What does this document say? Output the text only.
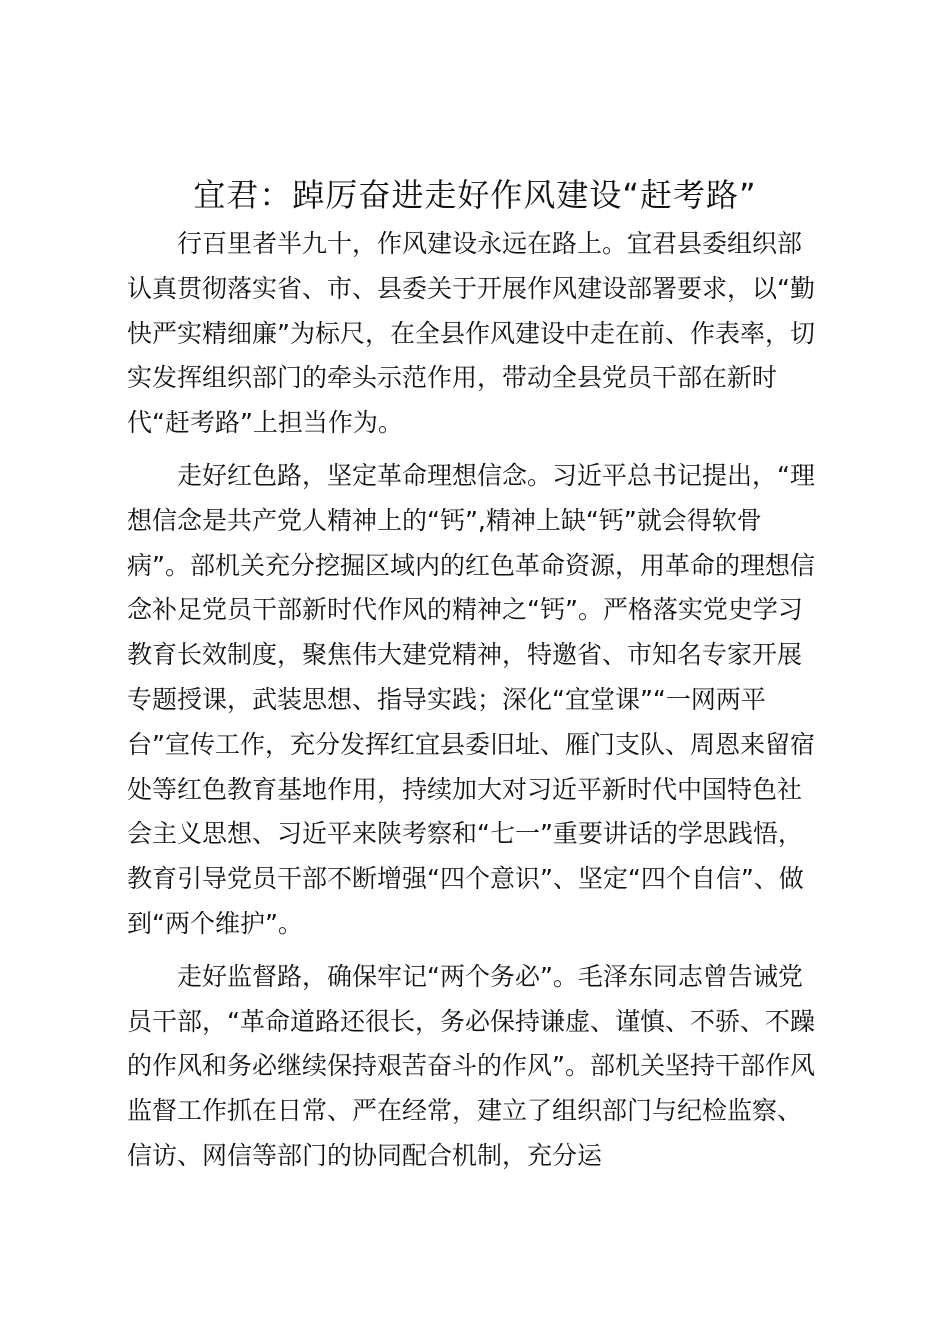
宜君：踔厉奋进走好作风建设“赶考路”
行百里者半九十，作风建设永远在路上。宜君县委组织部
认真贯彻落实省、市、县委关于开展作风建设部署要求，以“勤
快严实精细廉”为标尺，在全县作风建设中走在前、作表率，切
实发挥组织部门的牵头示范作用，带动全县党员干部在新时
代“赶考路”上担当作为。
走好红色路，坚定革命理想信念。习近平总书记提出，“理
想信念是共产党人精神上的“钙”,精神上缺“钙”就会得软骨
病”。部机关充分挖掘区域内的红色革命资源，用革命的理想信
念补足党员干部新时代作风的精神之“钙”。严格落实党史学习
教育长效制度，聚焦伟大建党精神，特邀省、市知名专家开展
专题授课，武装思想、指导实践；深化“宜堂课”“一网两平
台”宣传工作，充分发挥红宜县委旧址、雁门支队、周恩来留宿
处等红色教育基地作用，持续加大对习近平新时代中国特色社
会主义思想、习近平来陕考察和“七一”重要讲话的学思践悟，
教育引导党员干部不断增强“四个意识”、坚定“四个自信”、做
到“两个维护”。
走好监督路，确保牢记“两个务必”。毛泽东同志曾告诫党
员干部，“革命道路还很长，务必保持谦虚、谨慎、不骄、不躁
的作风和务必继续保持艰苦奋斗的作风”。部机关坚持干部作风
监督工作抓在日常、严在经常，建立了组织部门与纪检监察、
信访、网信等部门的协同配合机制，充分运
